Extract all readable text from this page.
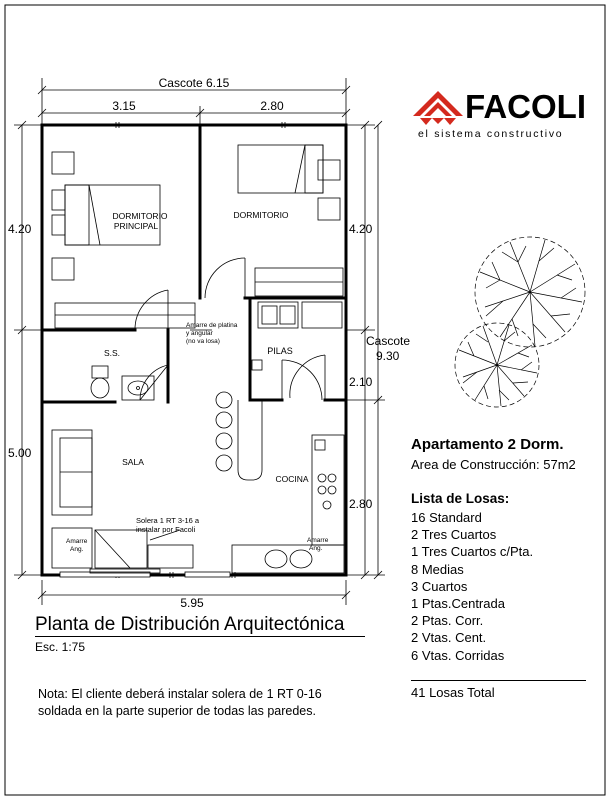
Cascote 6.15
3.15	2.80
4.20
5.00
4.20
Cascote
9.30
2.10
2.80
5.95
DORMITORIO
PRINCIPAL
DORMITORIO
S.S.	PILAS
SALA
COCINA
Amarre de platina
y angular
(no va losa)
Solera 1 RT 3-16 a
instalar por Facoli
Amarre
Ang.
Amarre
Ang.
FACOLI
el sistema constructivo
Apartamento 2 Dorm.
Area de Construcción: 57m2
Lista de Losas:
16 Standard
2 Tres Cuartos
1 Tres Cuartos c/Pta.
8 Medias
3 Cuartos
1 Ptas.Centrada
2 Ptas. Corr.
2 Vtas. Cent.
6 Vtas. Corridas
41 Losas Total
Planta de Distribución Arquitectónica
Esc. 1:75
Nota: El cliente deberá instalar solera de 1 RT 0-16 soldada en la parte superior de todas las paredes.
